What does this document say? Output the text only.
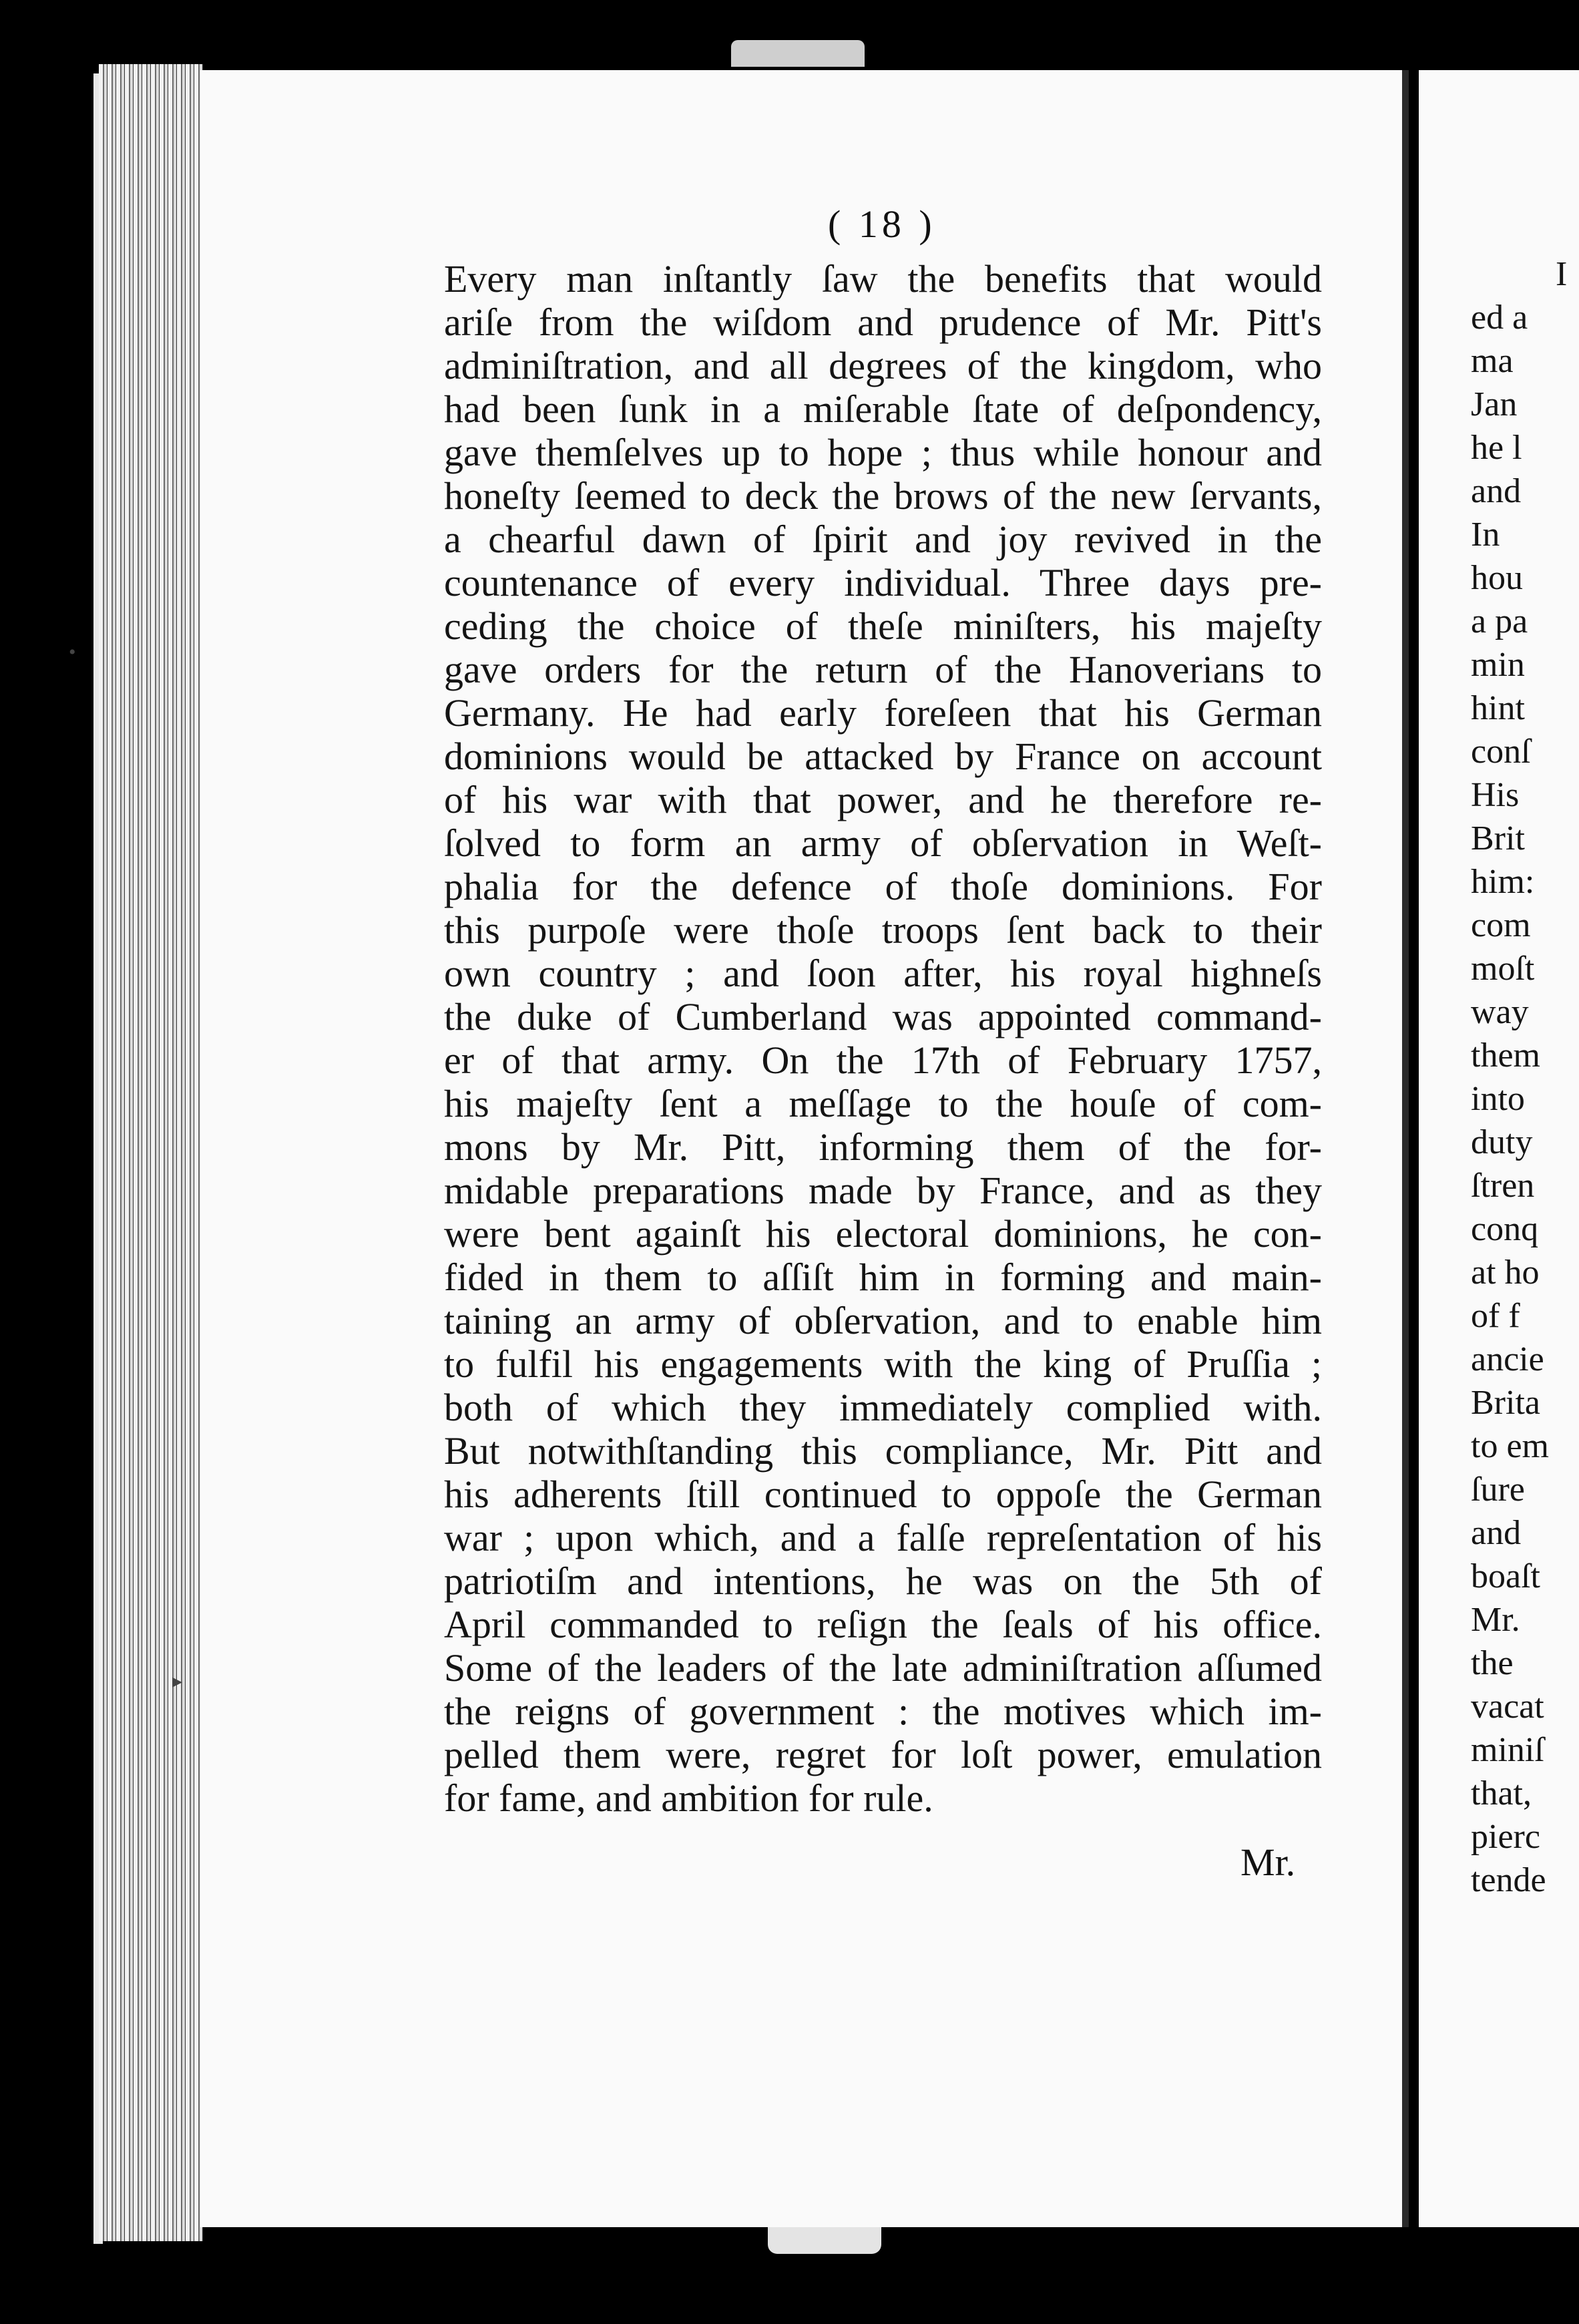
I
ed a
ma
Jan
he l
and
In
hou
a pa
min
hint
conſ
His
Brit
him:
com
moſt
way
them
into
duty
ſtren
conq
at ho
of f
ancie
Brita
to em
ſure
and
boaſt
Mr.
the
vacat
miniſ
that,
pierc
tende
( 18 )
Every man inſtantly ſaw the benefits that would
ariſe from the wiſdom and prudence of Mr. Pitt's
adminiſtration, and all degrees of the kingdom, who
had been ſunk in a miſerable ſtate of deſpondency,
gave themſelves up to hope ; thus while honour and
honeſty ſeemed to deck the brows of the new ſervants,
a chearful dawn of ſpirit and joy revived in the
countenance of every individual. Three days pre-
ceding the choice of theſe miniſters, his majeſty
gave orders for the return of the Hanoverians to
Germany. He had early foreſeen that his German
dominions would be attacked by France on account
of his war with that power, and he therefore re-
ſolved to form an army of obſervation in Weſt-
phalia for the defence of thoſe dominions. For
this purpoſe were thoſe troops ſent back to their
own country ; and ſoon after, his royal highneſs
the duke of Cumberland was appointed command-
er of that army. On the 17th of February 1757,
his majeſty ſent a meſſage to the houſe of com-
mons by Mr. Pitt, informing them of the for-
midable preparations made by France, and as they
were bent againſt his electoral dominions, he con-
fided in them to aſſiſt him in forming and main-
taining an army of obſervation, and to enable him
to fulfil his engagements with the king of Pruſſia ;
both of which they immediately complied with.
But notwithſtanding this compliance, Mr. Pitt and
his adherents ſtill continued to oppoſe the German
war ; upon which, and a falſe repreſentation of his
patriotiſm and intentions, he was on the 5th of
April commanded to reſign the ſeals of his office.
Some of the leaders of the late adminiſtration aſſumed
the reigns of government : the motives which im-
pelled them were, regret for loſt power, emulation
for fame, and ambition for rule.
Mr.
•
▸
